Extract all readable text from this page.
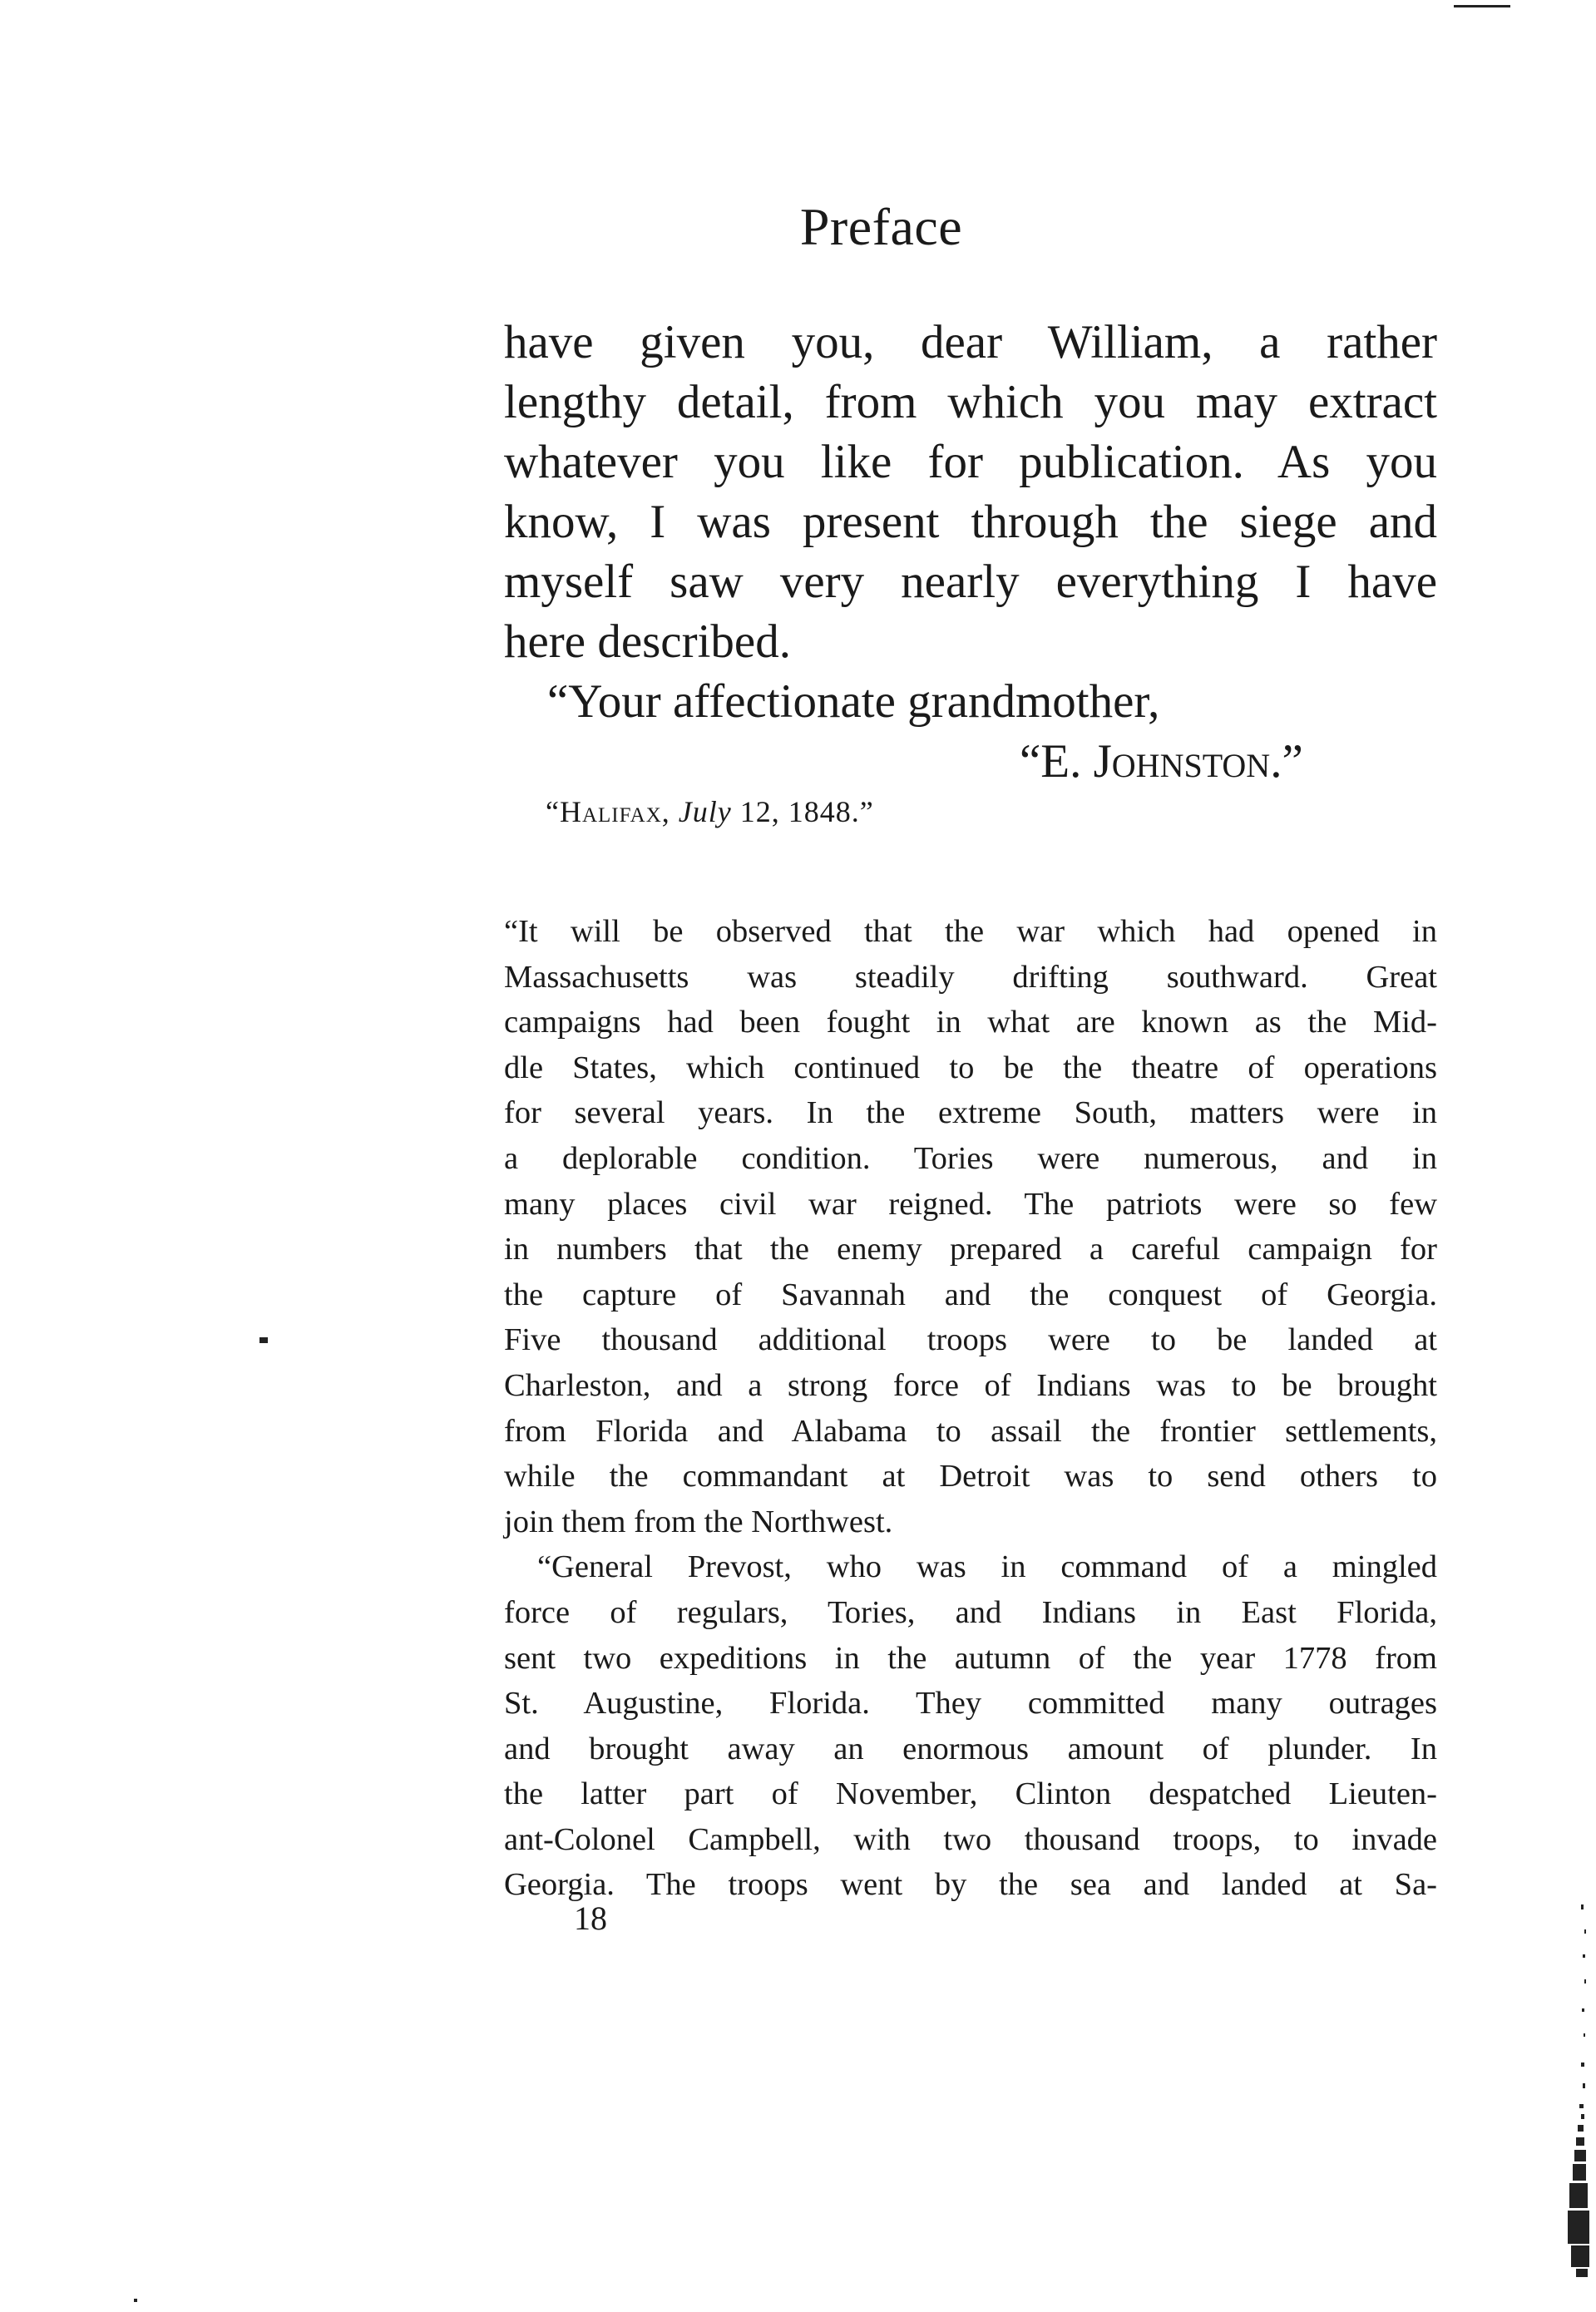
Preface
have given you, dear William, a rather
lengthy detail, from which you may extract
whatever you like for publication. As you
know, I was present through the siege and
myself saw very nearly everything I have
here described.
“Your affectionate grandmother,
“E. Johnston.”
“Halifax, July 12, 1848.”
“It will be observed that the war which had opened in
Massachusetts was steadily drifting southward. Great
campaigns had been fought in what are known as the Mid-
dle States, which continued to be the theatre of operations
for several years. In the extreme South, matters were in
a deplorable condition. Tories were numerous, and in
many places civil war reigned. The patriots were so few
in numbers that the enemy prepared a careful campaign for
the capture of Savannah and the conquest of Georgia.
Five thousand additional troops were to be landed at
Charleston, and a strong force of Indians was to be brought
from Florida and Alabama to assail the frontier settlements,
while the commandant at Detroit was to send others to
join them from the Northwest.
“General Prevost, who was in command of a mingled
force of regulars, Tories, and Indians in East Florida,
sent two expeditions in the autumn of the year 1778 from
St. Augustine, Florida. They committed many outrages
and brought away an enormous amount of plunder. In
the latter part of November, Clinton despatched Lieuten-
ant-Colonel Campbell, with two thousand troops, to invade
Georgia. The troops went by the sea and landed at Sa-
18
